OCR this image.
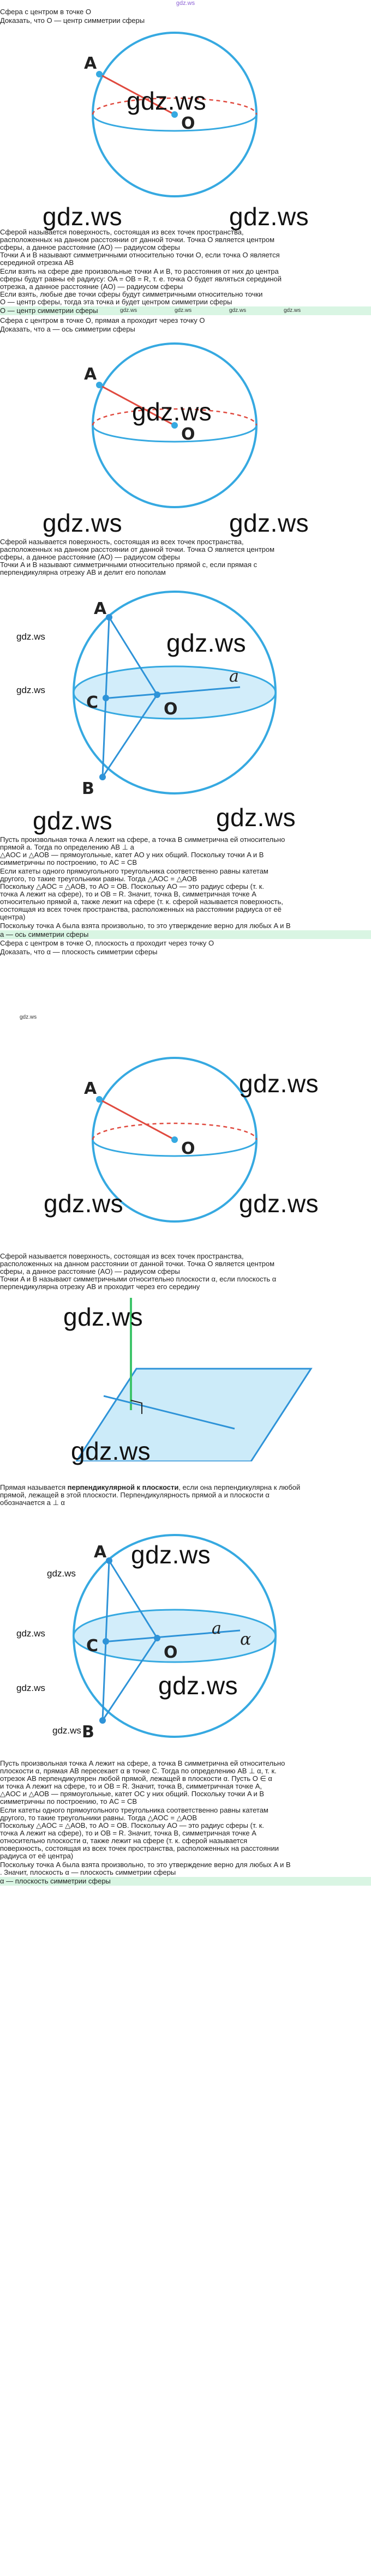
gdz.ws
Сфера с центром в точке O
Доказать, что O — центр симметрии сферы
A
O
gdz.ws
gdz.ws	gdz.ws
Сферой называется поверхность, состоящая из всех точек пространства,
расположенных на данном расстоянии от данной точки. Точка O является центром
сферы, а данное расстояние (AO) — радиусом сферы
Точки A и B называют симметричными относительно точки O, если точка O является
серединой отрезка AB
Если взять на сфере две произвольные точки A и B, то расстояния от них до центра
сферы будут равны её радиусу: OA = OB = R, т. е. точка O будет являться серединой
отрезка, а данное расстояние (AO) — радиусом сферы
Если взять, любые две точки сферы будут симметричными относительно точки
O — центр сферы, тогда эта точка и будет центром симметрии сферы
O — центр симметрии сферы	gdz.ws	gdz.ws	gdz.ws	gdz.ws
Сфера с центром в точке O, прямая a проходит через точку O
Доказать, что a — ось симметрии сферы
A
O
gdz.ws
gdz.ws	gdz.ws
Сферой называется поверхность, состоящая из всех точек пространства,
расположенных на данном расстоянии от данной точки. Точка O является центром
сферы, а данное расстояние (AO) — радиусом сферы
Точки A и B называют симметричными относительно прямой c, если прямая c
перпендикулярна отрезку AB и делит его пополам
A
B
C	O
a
gdz.ws
gdz.ws
gdz.ws
gdz.ws	gdz.ws
Пусть произвольная точка A лежит на сфере, а точка B симметрична ей относительно
прямой a. Тогда по определению AB ⊥ a
△AOC и △AOB — прямоугольные, катет AO у них общий. Поскольку точки A и B
симметричны по построению, то AC = CB
Если катеты одного прямоугольного треугольника соответственно равны катетам
другого, то такие треугольники равны. Тогда △AOC = △AOB
Поскольку △AOC = △AOB, то AO = OB. Поскольку AO — это радиус сферы (т. к.
точка A лежит на сфере), то и OB = R. Значит, точка B, симметричная точке A
относительно прямой a, также лежит на сфере (т. к. сферой называется поверхность,
состоящая из всех точек пространства, расположенных на расстоянии радиуса от её
центра)
Поскольку точка A была взята произвольно, то это утверждение верно для любых A и B
a — ось симметрии сферы
Сфера с центром в точке O, плоскость α проходит через точку O
Доказать, что α — плоскость симметрии сферы
gdz.ws
A
O
gdz.ws
gdz.ws	gdz.ws
Сферой называется поверхность, состоящая из всех точек пространства,
расположенных на данном расстоянии от данной точки. Точка O является центром
сферы, а данное расстояние (AO) — радиусом сферы
Точки A и B называют симметричными относительно плоскости α, если плоскость α
перпендикулярна отрезку AB и проходит через его середину
gdz.ws
gdz.ws
Прямая называется перпендикулярной к плоскости, если она перпендикулярна к любой
прямой, лежащей в этой плоскости. Перпендикулярность прямой a и плоскости α
обозначается a ⊥ α
A
B
C	O
a
α
gdz.ws
gdz.ws
gdz.ws
gdz.ws	gdz.ws
gdz.ws
Пусть произвольная точка A лежит на сфере, а точка B симметрична ей относительно
плоскости α, прямая AB пересекает α в точке C. Тогда по определению AB ⊥ α, т. к.
отрезок AB перпендикулярен любой прямой, лежащей в плоскости α. Пусть O ∈ α
и точка A лежит на сфере, то и OB = R. Значит, точка B, симметричная точке A,
△AOC и △AOB — прямоугольные, катет OC у них общий. Поскольку точки A и B
симметричны по построению, то AC = CB
Если катеты одного прямоугольного треугольника соответственно равны катетам
другого, то такие треугольники равны. Тогда △AOC = △AOB
Поскольку △AOC = △AOB, то AO = OB. Поскольку AO — это радиус сферы (т. к.
точка A лежит на сфере), то и OB = R. Значит, точка B, симметричная точке A
относительно плоскости α, также лежит на сфере (т. к. сферой называется
поверхность, состоящая из всех точек пространства, расположенных на расстоянии
радиуса от её центра)
Поскольку точка A была взята произвольно, то это утверждение верно для любых A и B
. Значит, плоскость α — плоскость симметрии сферы
α — плоскость симметрии сферы
